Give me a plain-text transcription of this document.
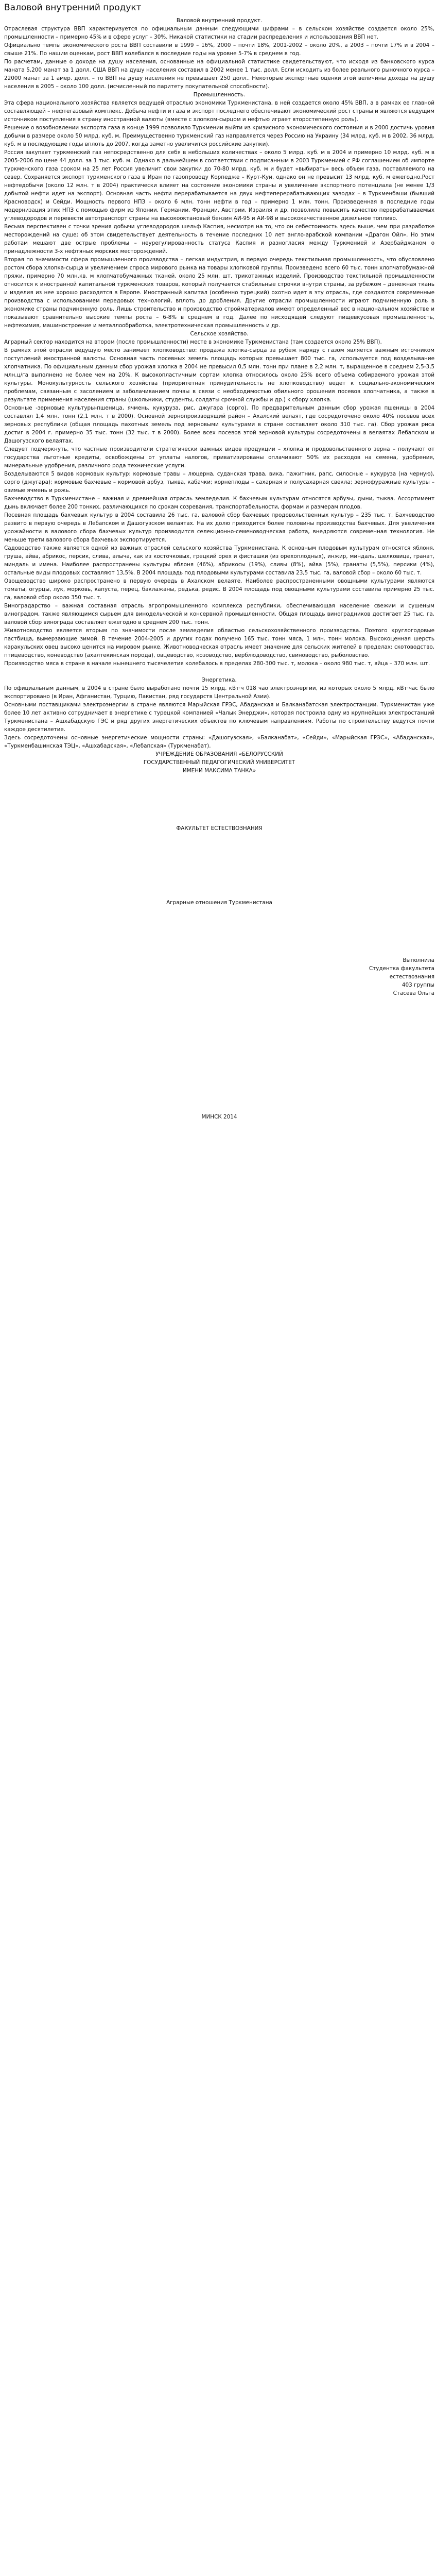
Валовой внутренний продукт
Валовой внутренний продукт.
Отраслевая структура ВВП характеризуется по официальным данным следующими цифрами – в сельском хозяйстве создается около 25%, промышленности – примерно 45% и в сфере услуг – 30%. Никакой статистики на стадии распределения и использования ВВП нет.
Официально темпы экономического роста ВВП составили в 1999 – 16%, 2000 – почти 18%, 2001-2002 – около 20%, а 2003 – почти 17% и в 2004 – свыше 21%. По нашим оценкам, рост ВВП колебался в последние годы на уровне 5-7% в среднем в год.
По расчетам, данные о доходе на душу населения, основанные на официальной статистике свидетельствуют, что исходя из банковского курса маната 5,200 манат за 1 долл. США ВВП на душу населения составил в 2002 менее 1 тыс. долл. Если исходить из более реального рыночного курса – 22000 манат за 1 амер. долл. – то ВВП на душу населения не превышает 250 долл.. Некоторые экспертные оценки этой величины дохода на душу населения в 2005 – около 100 долл. (исчисленный по паритету покупательной способности).
Промышленность.
Эта сфера национального хозяйства является ведущей отраслью экономики Туркменистана, в ней создается около 45% ВВП, а в рамках ее главной составляющей – нефтегазовый комплекс. Добыча нефти и газа и экспорт последнего обеспечивают экономический рост страны и являются ведущим источником поступления в страну иностранной валюты (вместе с хлопком-сырцом и нефтью играет второстепенную роль).
Решение о возобновлении экспорта газа в конце 1999 позволило Туркмении выйти из кризисного экономического состояния и в 2000 достичь уровня добычи в размере около 50 млрд. куб. м. Преимущественно туркменский газ направляется через Россию на Украину (34 млрд. куб. м в 2002, 36 млрд. куб. м в последующие годы вплоть до 2007, когда заметно увеличится российские закупки).
Россия закупает туркменский газ непосредственно для себя в небольших количествах – около 5 млрд. куб. м в 2004 и примерно 10 млрд. куб. м в 2005-2006 по цене 44 долл. за 1 тыс. куб. м. Однако в дальнейшем в соответствии с подписанным в 2003 Туркменией с РФ соглашением об импорте туркменского газа сроком на 25 лет Россия увеличит свои закупки до 70-80 млрд. куб. м и будет «выбирать» весь объем газа, поставляемого на север. Сохраняется экспорт туркменского газа в Иран по газопроводу Корпедже – Курт-Куи, однако он не превысит 13 млрд. куб. м ежегодно.Рост нефтедобычи (около 12 млн. т в 2004) практически влияет на состояние экономики страны и увеличение экспортного потенциала (не менее 1/3 добытой нефти идет на экспорт). Основная часть нефти перерабатывается на двух нефтеперерабатывающих заводах – в Туркменбаши (бывший Красноводск) и Сейди. Мощность первого НПЗ – около 6 млн. тонн нефти в год – примерно 1 млн. тонн. Произведенная в последние годы модернизация этих НПЗ с помощью фирм из Японии, Германии, Франции, Австрии, Израиля и др. позволила повысить качество перерабатываемых углеводородов и перевести автотранспорт страны на высокооктановый бензин АИ-95 и АИ-98 и высококачественное дизельное топливо.
Весьма перспективен с точки зрения добычи углеводородов шельф Каспия, несмотря на то, что он себестоимость здесь выше, чем при разработке месторождений на суше; об этом свидетельствует деятельность в течение последних 10 лет англо-арабской компании «Драгон Ойл». Но этим работам мешают две острые проблемы – неурегулированность статуса Каспия и разногласия между Туркменией и Азербайджаном о принадлежности 3-х нефтяных морских месторождений.
Вторая по значимости сфера промышленного производства – легкая индустрия, в первую очередь текстильная промышленность, что обусловлено ростом сбора хлопка-сырца и увеличением спроса мирового рынка на товары хлопковой группы. Произведено всего 60 тыс. тонн хлопчатобумажной пряжи, примерно 70 млн.кв. м хлопчатобумажных тканей, около 25 млн. шт. трикотажных изделий. Производство текстильной промышленности относится к иностранной капитальной туркменских товаров, который получается стабильные строчки внутри страны, за рубежом – денежная ткань и изделия из нее хорошо расходятся в Европе. Иностранный капитал (особенно турецкий) охотно идет в эту отрасль, где создаются современные производства с использованием передовых технологий, вплоть до дробления. Другие отрасли промышленности играют подчиненную роль в экономике страны подчиненную роль. Лишь строительство и производство стройматериалов имеют определенный вес в национальном хозяйстве и показывают сравнительно высокие темпы роста – 6-8% в среднем в год. Далее по нисходящей следуют пищевкусовая промышленность, нефтехимия, машиностроение и металлообработка, электротехническая промышленность и др.
Сельское хозяйство.
Аграрный сектор находится на втором (после промышленности) месте в экономике Туркменистана (там создается около 25% ВВП).
В рамках этой отрасли ведущую место занимает хлопководство: продажа хлопка-сырца за рубеж наряду с газом является важным источником поступлений иностранной валюты. Основная часть посевных земель площадь которых превышает 800 тыс. га, используется под возделывание хлопчатника. По официальным данным сбор урожая хлопка в 2004 не превысил 0,5 млн. тонн при плане в 2,2 млн. т, выращенное в среднем 2,5-3,5 млн.ц/га выполнено не более чем на 20%. К высокопластичным сортам хлопка относилось около 25% всего объема собираемого урожая этой культуры. Монокультурность сельского хозяйства (приоритетная принудительность не хлопководство) ведет к социально-экономическим проблемам, связанным с засолением и заболачиванием почвы в связи с необходимостью обильного орошения посевов хлопчатника, а также в результате применения населения страны (школьники, студенты, солдаты срочной службы и др.) к сбору хлопка.
Основные -зерновые культуры-пшеница, ячмень, кукуруза, рис, джугара (сорго). По предварительным данным сбор урожая пшеницы в 2004 составлял 1,4 млн. тонн (2,1 млн. т в 2000). Основной зернопроизводящий район – Ахалский велаят, где сосредоточено около 40% посевов всех зерновых республики (общая площадь пахотных земель под зерновыми культурами в стране составляет около 310 тыс. га). Сбор урожая риса достиг в 2004 г. примерно 35 тыс. тонн (32 тыс. т в 2000). Более всех посевов этой зерновой культуры сосредоточены в велаятах Лебапском и Дашогузского велаятах.
Следует подчеркнуть, что частные производители стратегически важных видов продукции – хлопка и продовольственного зерна – получают от государства льготные кредиты, освобождены от уплаты налогов, приватизированы оплачивают 50% их расходов на семена, удобрения, минеральные удобрения, различного рода технические услуги.
Возделываются 5 видов кормовых культур: кормовые травы – люцерна, суданская трава, вика, пажитник, рапс, силосные – кукуруза (на черную), сорго (джугара); кормовые бахчевые – кормовой арбуз, тыква, кабачки; корнеплоды – сахарная и полусахарная свекла; зернофуражные культуры – озимые ячмень и рожь.
Бахчеводство в Туркменистане – важная и древнейшая отрасль земледелия. К бахчевым культурам относятся арбузы, дыни, тыква. Ассортимент дынь включает более 200 тонких, различающихся по срокам созревания, транспортабельности, формам и размерам плодов.
Посевная площадь бахчевых культур в 2004 составила 26 тыс. га, валовой сбор бахчевых продовольственных культур – 235 тыс. т. Бахчеводство развито в первую очередь в Лебапском и Дашогузском велаятах. На их долю приходится более половины производства бахчевых. Для увеличения урожайности в валового сбора бахчевых культур производится селекционно-семеноводческая работа, внедряются современная технология. Не меньше трети валового сбора бахчевых экспортируется.
Садоводство также является одной из важных отраслей сельского хозяйства Туркменистана. К основным плодовым культурам относятся яблоня, груша, айва, абрикос, персик, слива, алыча, как из косточковых, грецкий орех и фисташки (из орехоплодных), инжир, миндаль, шелковица, гранат, миндаль и имена. Наиболее распространены культуры яблоня (46%), абрикосы (19%), сливы (8%), айва (5%), гранаты (5,5%), персики (4%), остальные виды плодовых составляют 13,5%. В 2004 площадь под плодовыми культурами составила 23,5 тыс. га, валовой сбор – около 60 тыс. т.
Овощеводство широко распространено в первую очередь в Ахалском велаяте. Наиболее распространенными овощными культурами являются томаты, огурцы, лук, морковь, капуста, перец, баклажаны, редька, редис. В 2004 площадь под овощными культурами составила примерно 25 тыс. га, валовой сбор около 350 тыс. т.
Виноградарство – важная составная отрасль агропромышленного комплекса республики, обеспечивающая население свежим и сушеным виноградом, также являющимся сырьем для винодельческой и консервной промышленности. Общая площадь виноградников достигает 25 тыс. га, валовой сбор винограда составляет ежегодно в среднем 200 тыс. тонн.
Животноводство является вторым по значимости после земледелия областью сельскохозяйственного производства. Поэтого круглогодовые пастбища, вымерзающие зимой. В течение 2004-2005 и других годах получено 165 тыс. тонн мяса, 1 млн. тонн молока. Высокоценная шерсть каракульских овец высоко ценится на мировом рынке. Животноводческая отрасль имеет значение для сельских жителей в пределах: скотоводство, птицеводство, коневодство (ахалтекинская порода), овцеводство, козоводство, верблюдоводство, свиноводство, рыболовство.
Производство мяса в стране в начале нынешнего тысячелетия колебалось в пределах 280-300 тыс. т, молока – около 980 тыс. т, яйца – 370 млн. шт.
Энергетика.
По официальным данным, в 2004 в стране было выработано почти 15 млрд. кВт·ч 018 чао электроэнергии, из которых около 5 млрд. кВт·час было экспортировано (в Иран, Афганистан, Турцию, Пакистан, ряд государств Центральной Азии).
Основными поставщиками электроэнергии в стране являются Марыйская ГРЭС, Абаданская и Балканабатская электростанции. Туркменистан уже более 10 лет активно сотрудничает в энергетике с турецкой компанией «Чалык Энерджи», которая построила одну из крупнейших электростанций Туркменистана – Ашхабадскую ГЭС и ряд других энергетических объектов по ключевым направлениям. Работы по строительству ведутся почти каждое десятилетие.
Здесь сосредоточены основные энергетические мощности страны: «Дашогузская», «Балканабат», «Сейди», «Марыйская ГРЭС», «Абаданская», «Туркменбашинская ТЭЦ», «Ашхабадская», «Лебапская» (Туркменабат).
УЧРЕЖДЕНИЕ ОБРАЗОВАНИЯ «БЕЛОРУССКИЙ
ГОСУДАРСТВЕННЫЙ ПЕДАГОГИЧЕСКИЙ УНИВЕРСИТЕТ
ИМЕНИ МАКСИМА ТАНКА»
ФАКУЛЬТЕТ ЕСТЕСТВОЗНАНИЯ
Аграрные отношения Туркменистана
Выполнила
Студентка факультета
естествознания
403 группы
Стасева Ольга
МИНСК 2014
